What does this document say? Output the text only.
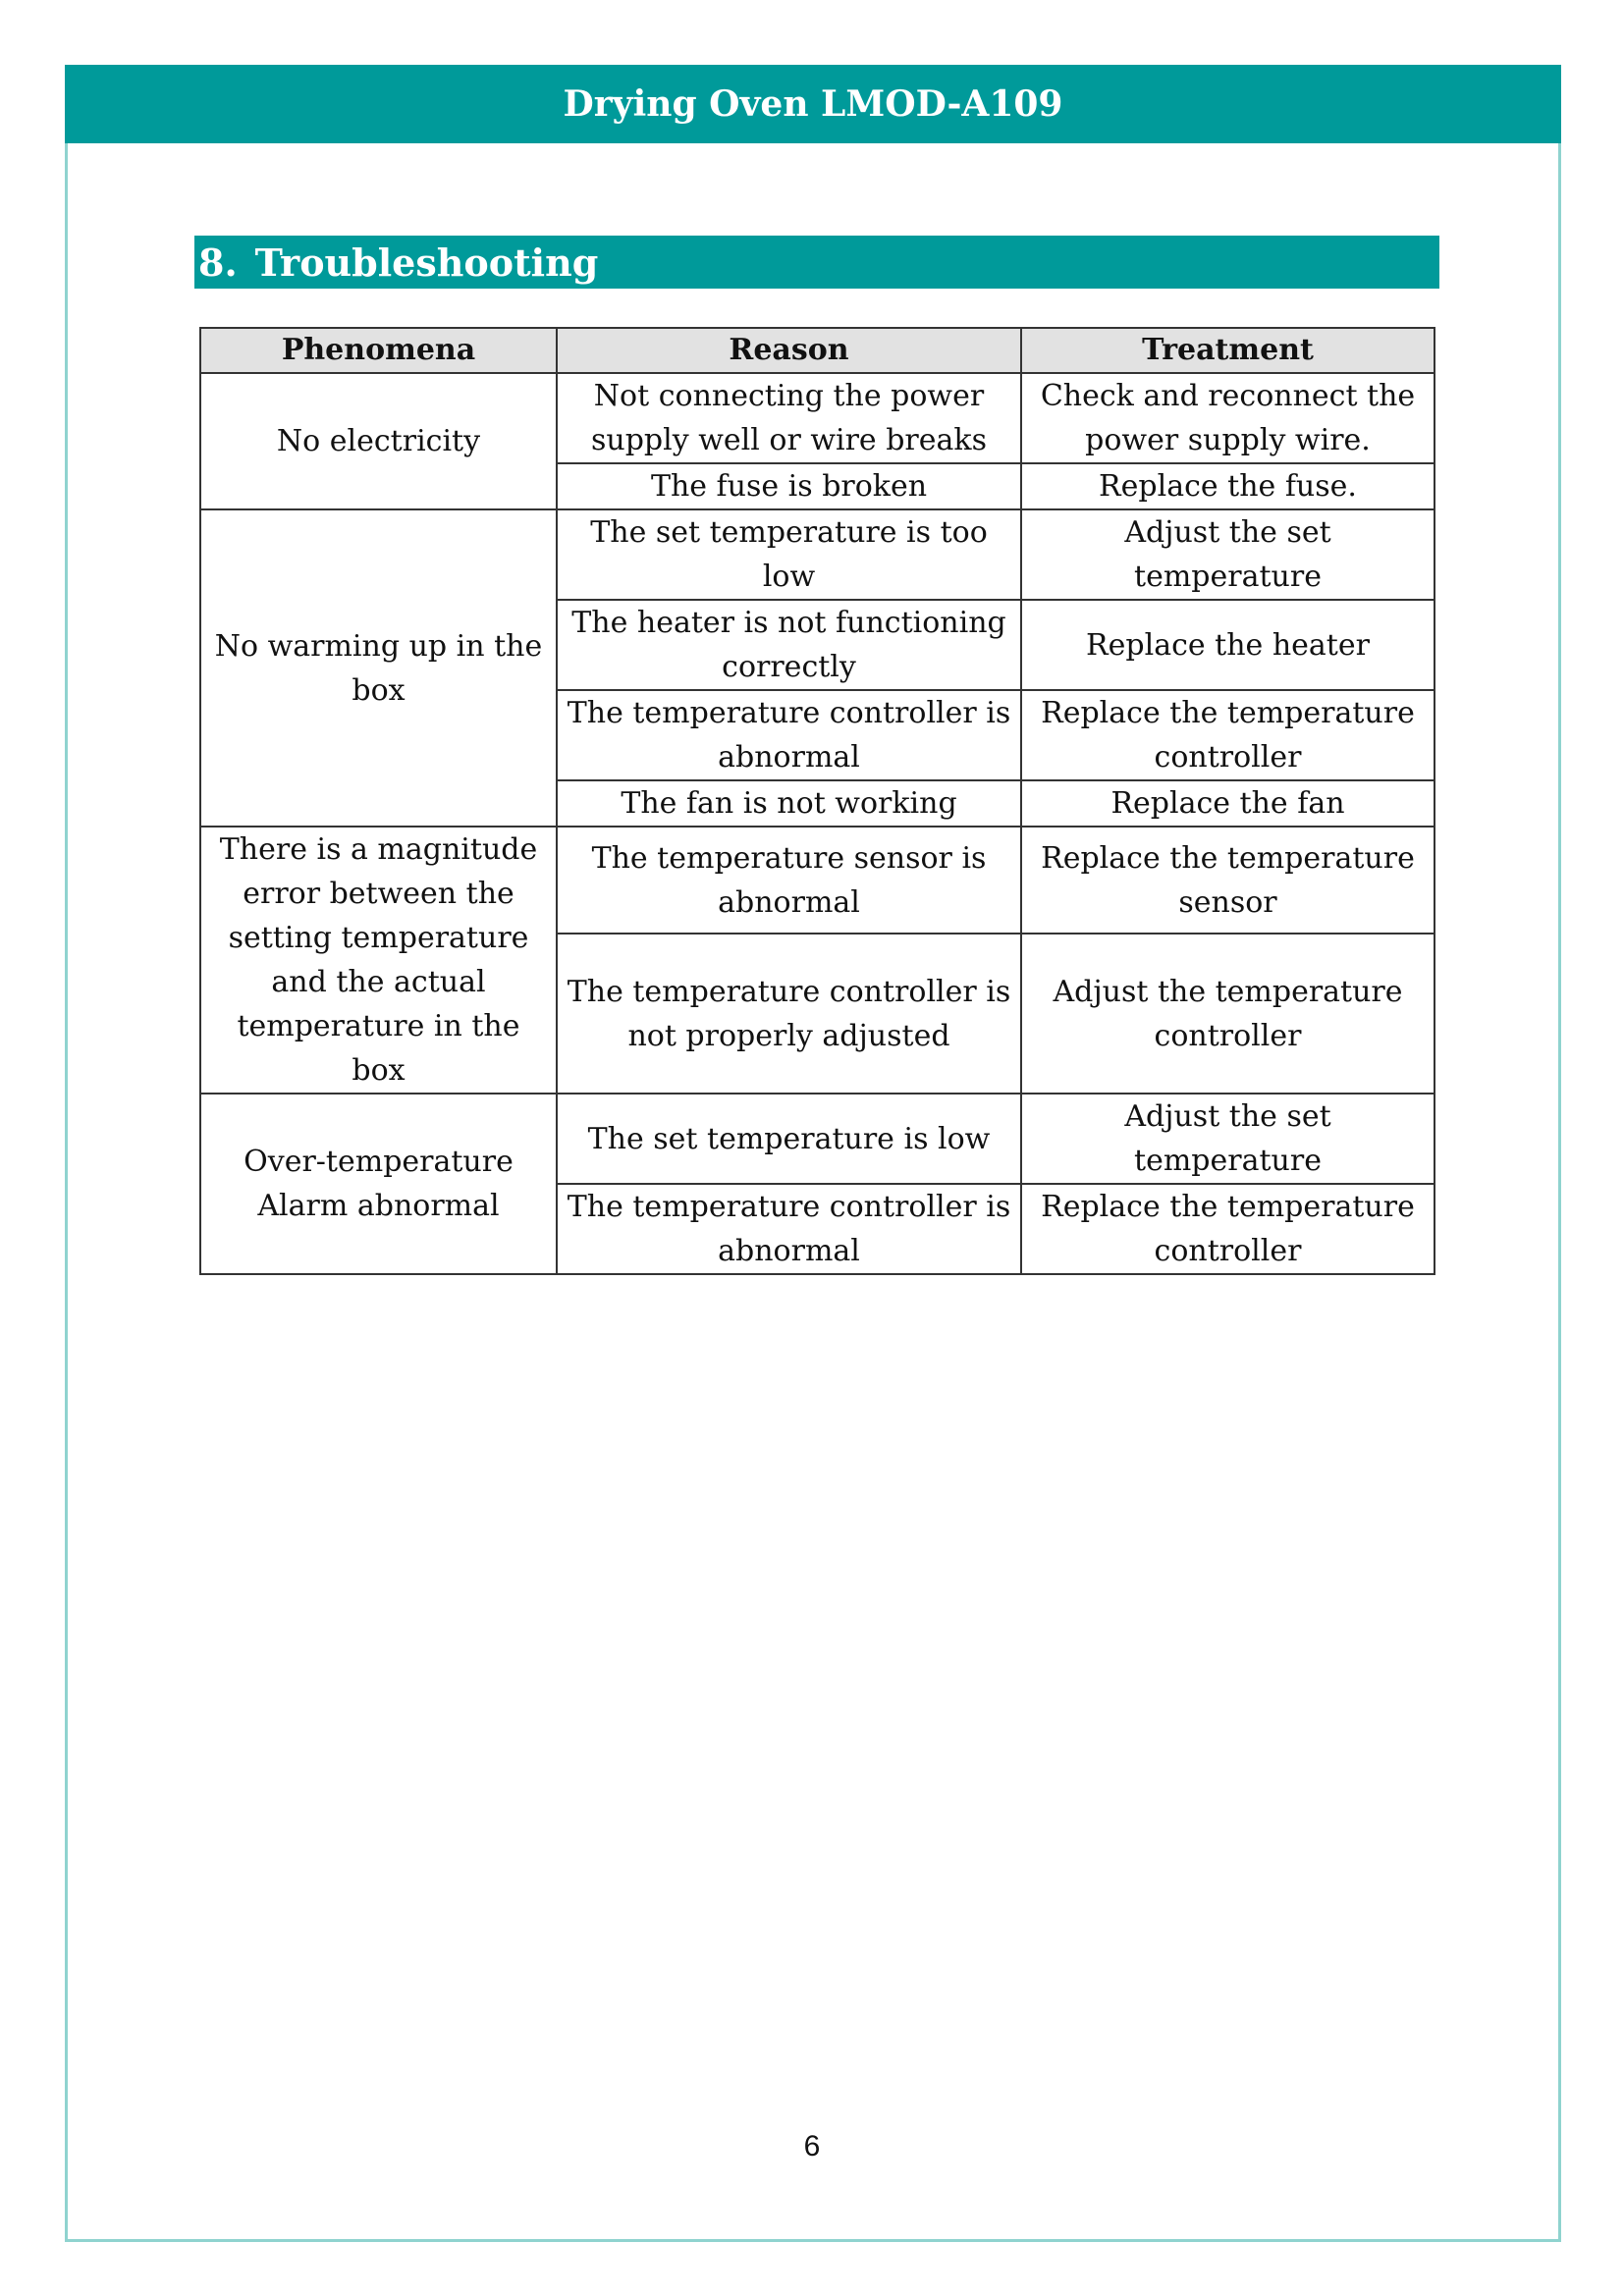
Drying Oven LMOD-A109
8. Troubleshooting
Phenomena	Reason	Treatment
No electricity	Not connecting the power supply well or wire breaks	Check and reconnect the power supply wire.
	The fuse is broken	Replace the fuse.
No warming up in the box	The set temperature is too low	Adjust the set temperature
	The heater is not functioning correctly	Replace the heater
	The temperature controller is abnormal	Replace the temperature controller
	The fan is not working	Replace the fan
There is a magnitude error between the setting temperature and the actual temperature in the box	The temperature sensor is abnormal	Replace the temperature sensor
	The temperature controller is not properly adjusted	Adjust the temperature controller
Over-temperature Alarm abnormal	The set temperature is low	Adjust the set temperature
	The temperature controller is abnormal	Replace the temperature controller
6
